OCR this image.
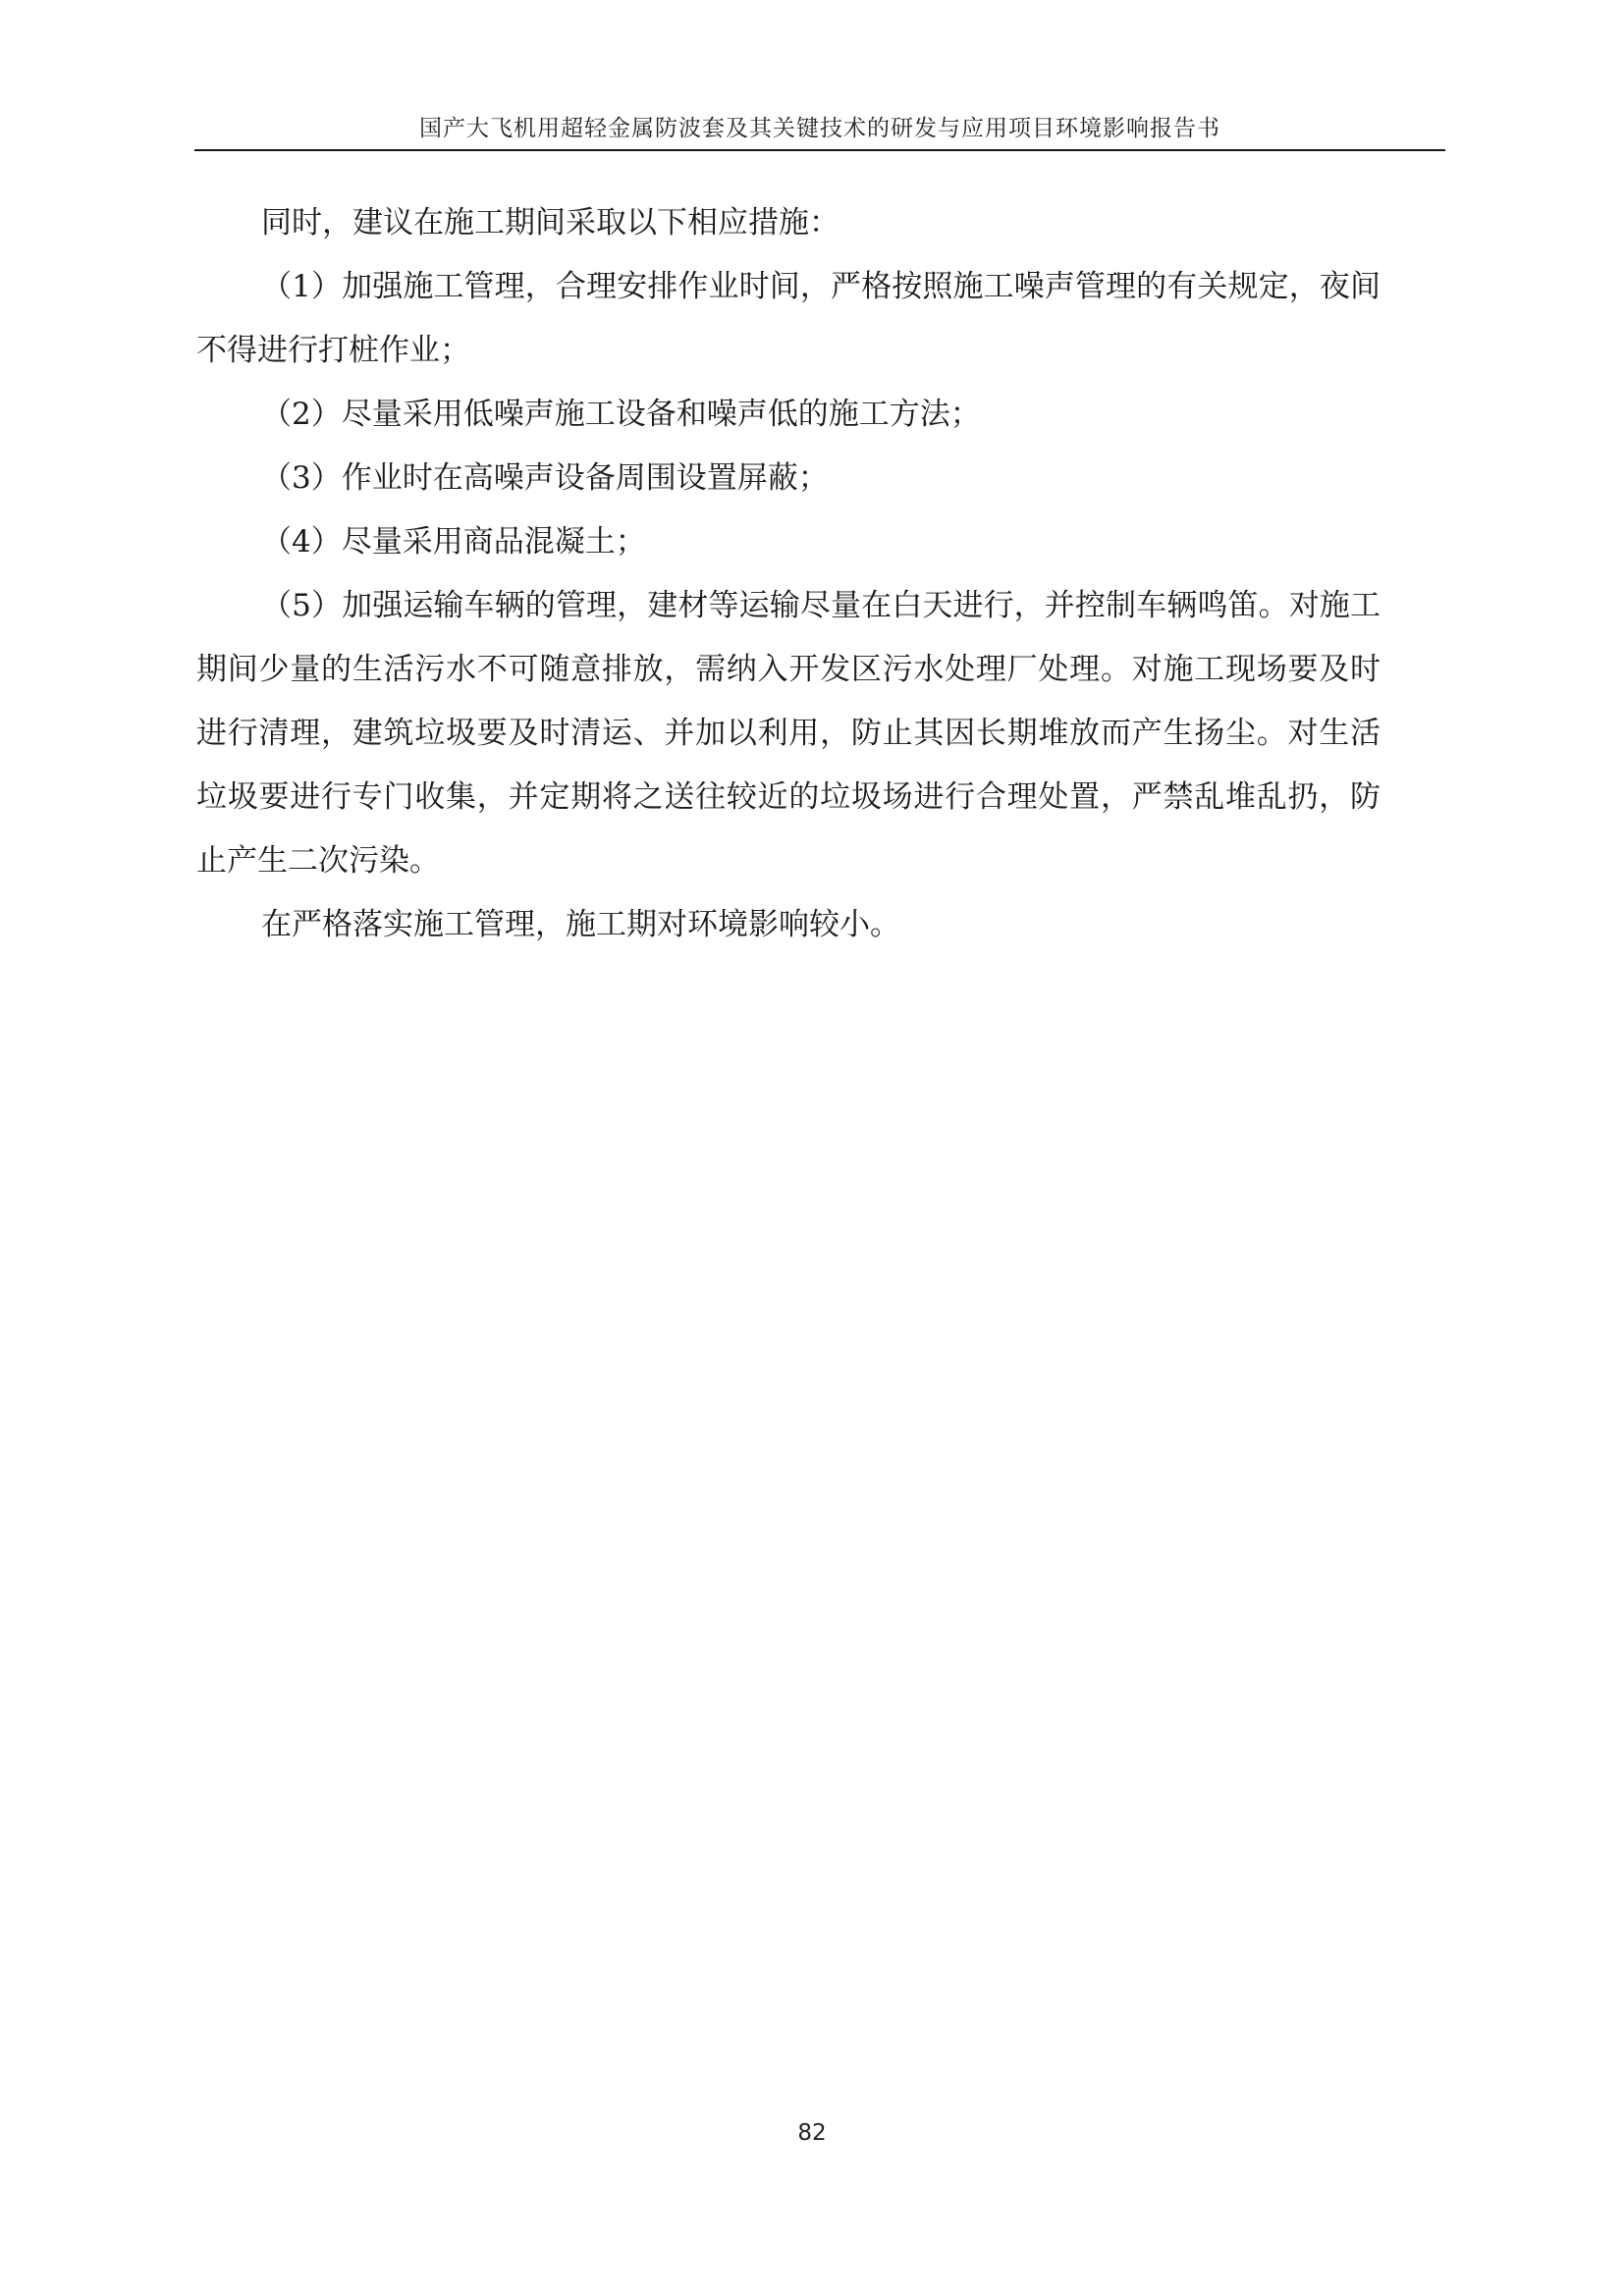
国产大飞机用超轻金属防波套及其关键技术的研发与应用项目环境影响报告书

同时，建议在施工期间采取以下相应措施：

（1）加强施工管理，合理安排作业时间，严格按照施工噪声管理的有关规定，夜间不得进行打桩作业；

（2）尽量采用低噪声施工设备和噪声低的施工方法；

（3）作业时在高噪声设备周围设置屏蔽；

（4）尽量采用商品混凝土；

（5）加强运输车辆的管理，建材等运输尽量在白天进行，并控制车辆鸣笛。对施工期间少量的生活污水不可随意排放，需纳入开发区污水处理厂处理。对施工现场要及时进行清理，建筑垃圾要及时清运、并加以利用，防止其因长期堆放而产生扬尘。对生活垃圾要进行专门收集，并定期将之送往较近的垃圾场进行合理处置，严禁乱堆乱扔，防止产生二次污染。

在严格落实施工管理，施工期对环境影响较小。

82
